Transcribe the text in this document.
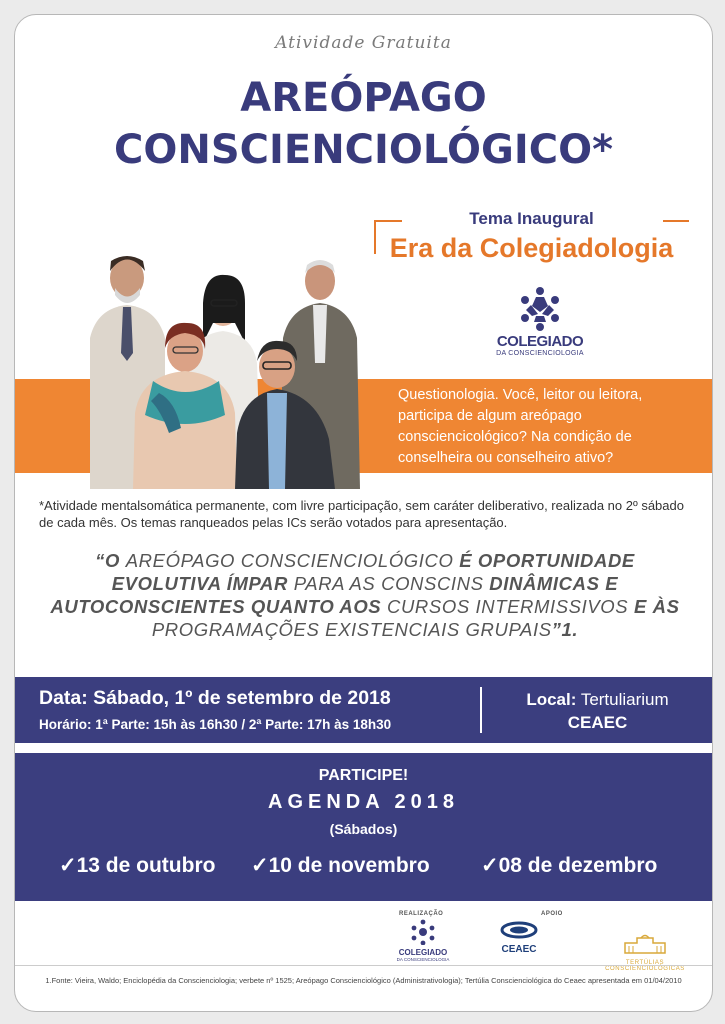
Atividade Gratuita
AREÓPAGO
CONSCIENCIOLÓGICO*
Tema Inaugural
Era da Colegiadologia
COLEGIADO
DA CONSCIENCIOLOGIA
Questionologia. Você, leitor ou leitora, participa de algum areópago consciencicológico? Na condição de conselheira ou conselheiro ativo?
*Atividade mentalsomática permanente, com livre participação, sem caráter deliberativo, realizada no 2º sábado de cada mês. Os temas ranqueados pelas ICs serão votados para apresentação.
“O AREÓPAGO CONSCIENCIOLÓGICO É OPORTUNIDADE EVOLUTIVA ÍMPAR PARA AS CONSCINS DINÂMICAS E AUTOCONSCIENTES QUANTO AOS CURSOS INTERMISSIVOS E ÀS PROGRAMAÇÕES EXISTENCIAIS GRUPAIS”1.
Data: Sábado, 1º de setembro de 2018
Horário: 1ª Parte: 15h às 16h30 / 2ª Parte: 17h às 18h30
Local: Tertuliarium
CEAEC
PARTICIPE!
AGENDA 2018
(Sábados)
✓13 de outubro ✓10 de novembro ✓08 de dezembro
REALIZAÇÃO
COLEGIADO
DA CONSCIENCIOLOGIA
APOIO
CEAEC
TERTÚLIAS CONSCIENCIOLÓGICAS
1.Fonte: Vieira, Waldo; Enciclopédia da Conscienciologia; verbete nº 1525; Areópago Conscienciológico (Administrativologia); Tertúlia Conscienciológica do Ceaec apresentada em 01/04/2010
